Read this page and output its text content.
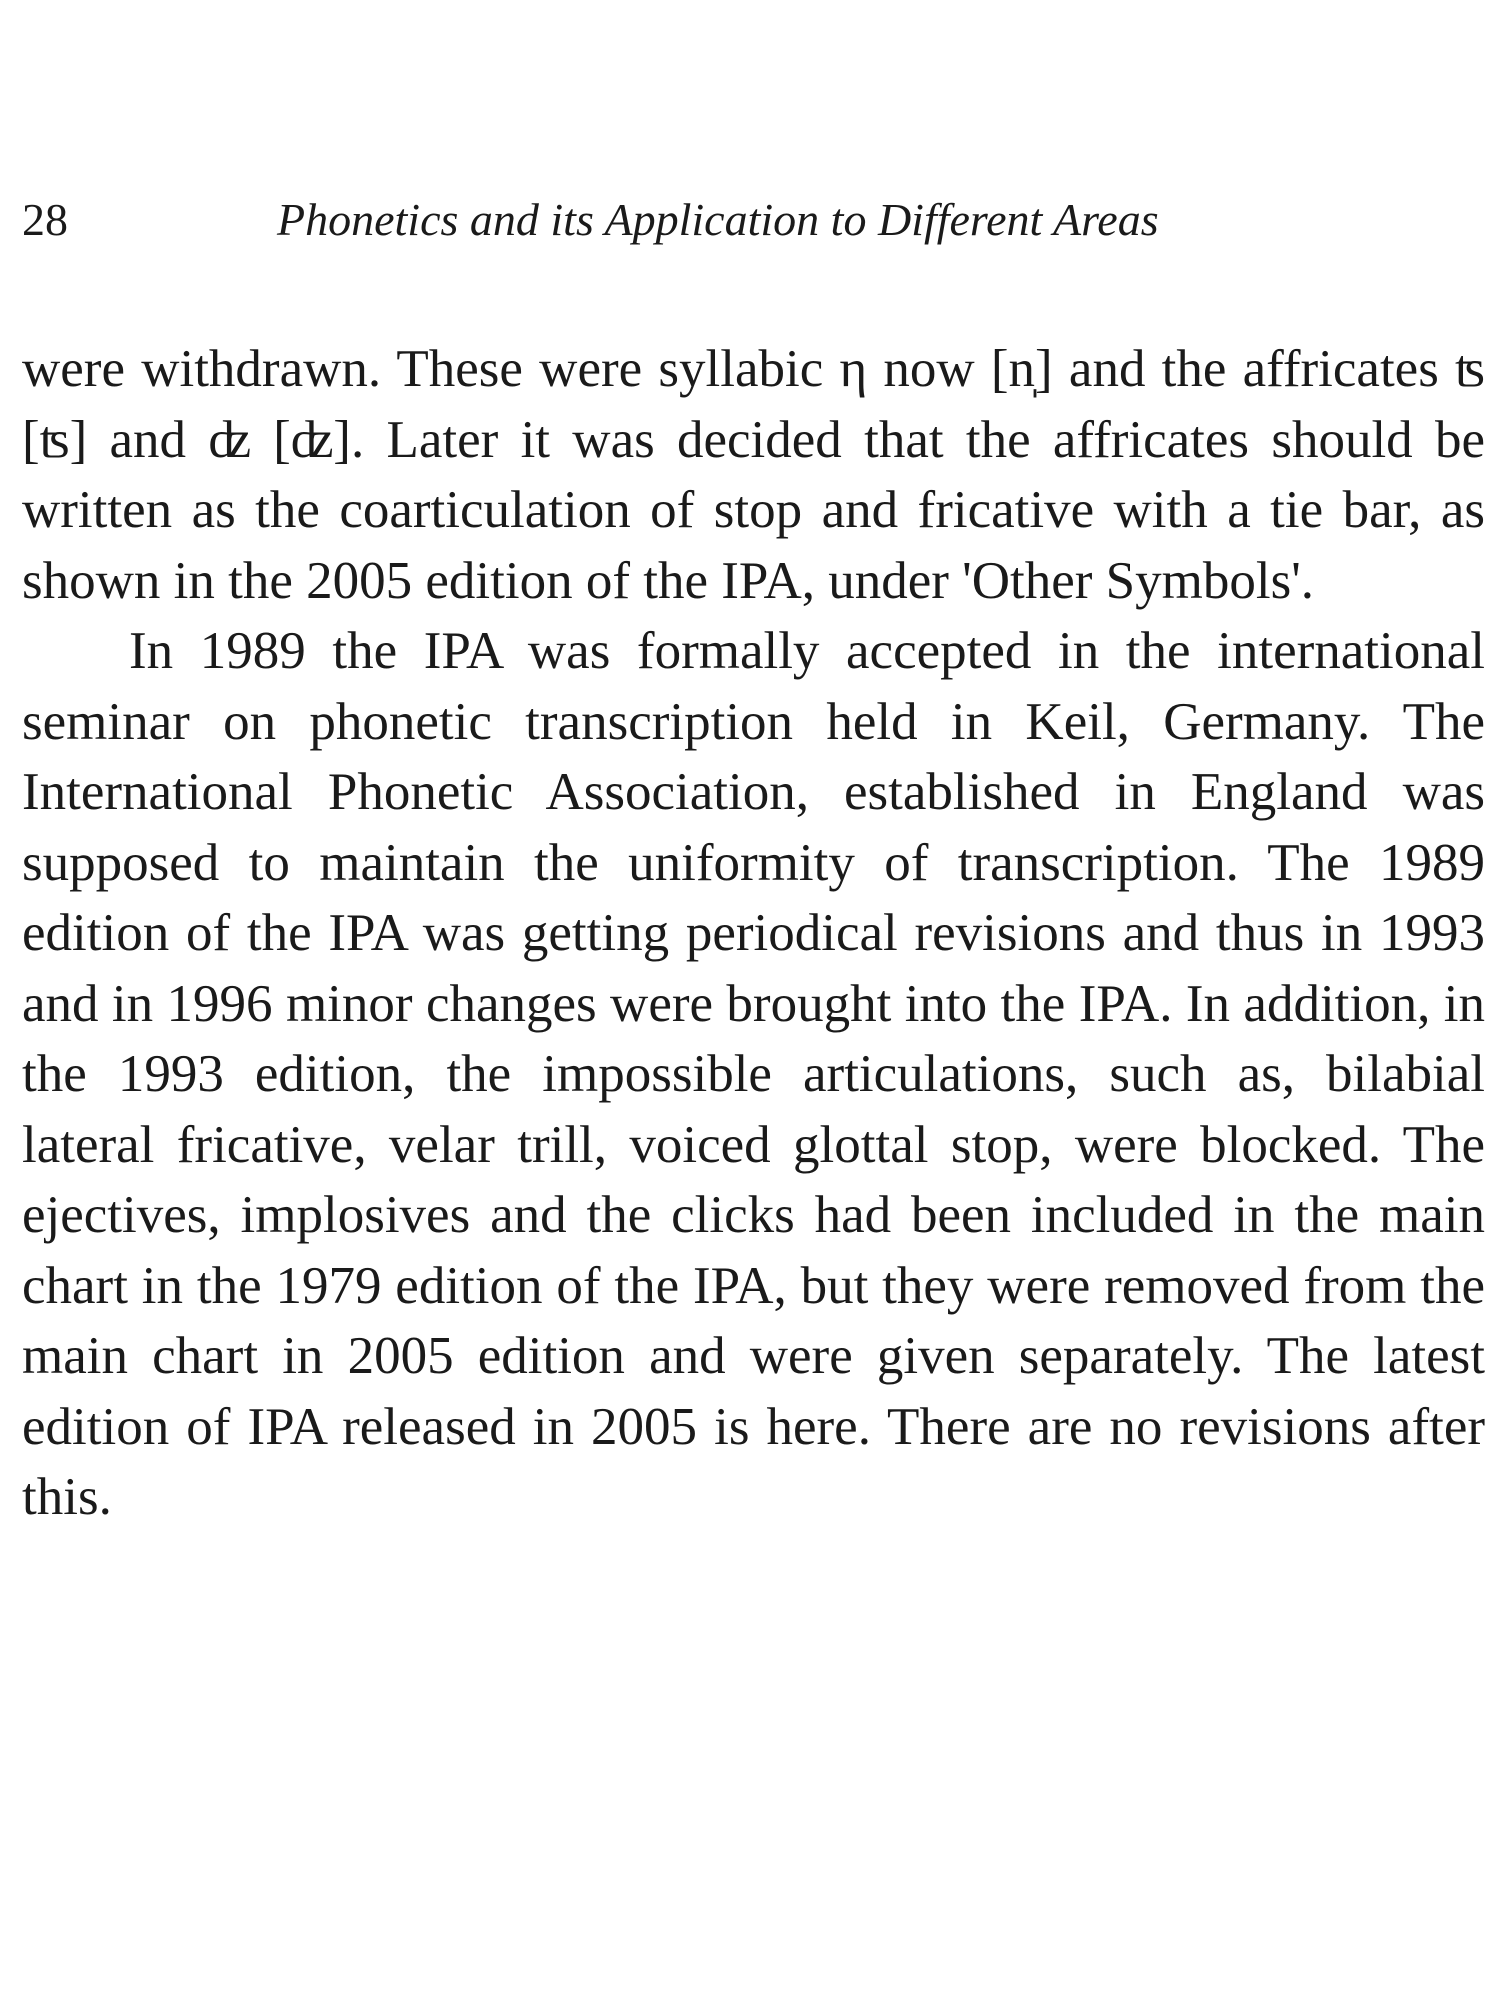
28	Phonetics and its Application to Different Areas

were withdrawn. These were syllabic η now [n̩] and the affricates ʦ [ʦ] and ʣ [ʣ]. Later it was decided that the affricates should be written as the coarticulation of stop and fricative with a tie bar, as shown in the 2005 edition of the IPA, under 'Other Symbols'.

In 1989 the IPA was formally accepted in the international seminar on phonetic transcription held in Keil, Germany. The International Phonetic Association, established in England was supposed to maintain the uniformity of transcription. The 1989 edition of the IPA was getting periodical revisions and thus in 1993 and in 1996 minor changes were brought into the IPA. In addition, in the 1993 edition, the impossible articulations, such as, bilabial lateral fricative, velar trill, voiced glottal stop, were blocked. The ejectives, implosives and the clicks had been included in the main chart in the 1979 edition of the IPA, but they were removed from the main chart in 2005 edition and were given separately. The latest edition of IPA released in 2005 is here. There are no revisions after this.
